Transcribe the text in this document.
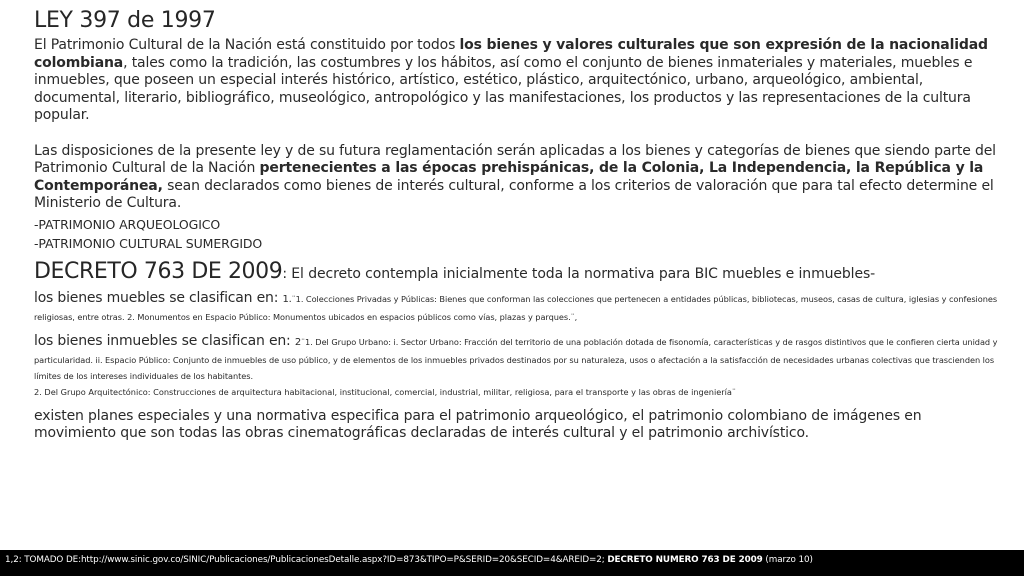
LEY 397 de 1997

El Patrimonio Cultural de la Nación está constituido por todos los bienes y valores culturales que son expresión de la nacionalidad colombiana, tales como la tradición, las costumbres y los hábitos, así como el conjunto de bienes inmateriales y materiales, muebles e inmuebles, que poseen un especial interés histórico, artístico, estético, plástico, arquitectónico, urbano, arqueológico, ambiental, documental, literario, bibliográfico, museológico, antropológico y las manifestaciones, los productos y las representaciones de la cultura popular.

Las disposiciones de la presente ley y de su futura reglamentación serán aplicadas a los bienes y categorías de bienes que siendo parte del Patrimonio Cultural de la Nación pertenecientes a las épocas prehispánicas, de la Colonia, La Independencia, la República y la Contemporánea, sean declarados como bienes de interés cultural, conforme a los criterios de valoración que para tal efecto determine el Ministerio de Cultura.

-PATRIMONIO ARQUEOLOGICO
-PATRIMONIO CULTURAL SUMERGIDO
DECRETO 763 DE 2009: El decreto contempla inicialmente toda la normativa para BIC muebles e inmuebles-
los bienes muebles se clasifican en: 1.¨1. Colecciones Privadas y Públicas: Bienes que conforman las colecciones que pertenecen a entidades públicas, bibliotecas, museos, casas de cultura, iglesias y confesiones religiosas, entre otras. 2. Monumentos en Espacio Público: Monumentos ubicados en espacios públicos como vías, plazas y parques.¨,
los bienes inmuebles se clasifican en: 2¨1. Del Grupo Urbano: i. Sector Urbano: Fracción del territorio de una población dotada de fisonomía, características y de rasgos distintivos que le confieren cierta unidad y particularidad. ii. Espacio Público: Conjunto de inmuebles de uso público, y de elementos de los inmuebles privados destinados por su naturaleza, usos o afectación a la satisfacción de necesidades urbanas colectivas que trascienden los límites de los intereses individuales de los habitantes.
2. Del Grupo Arquitectónico: Construcciones de arquitectura habitacional, institucional, comercial, industrial, militar, religiosa, para el transporte y las obras de ingeniería¨

existen planes especiales y una normativa especifica para el patrimonio arqueológico, el patrimonio colombiano de imágenes en movimiento que son todas las obras cinematográficas declaradas de interés cultural y el patrimonio archivístico.

1,2: TOMADO DE:http://www.sinic.gov.co/SINIC/Publicaciones/PublicacionesDetalle.aspx?ID=873&TIPO=P&SERID=20&SECID=4&AREID=2; DECRETO NUMERO 763 DE 2009 (marzo 10)
